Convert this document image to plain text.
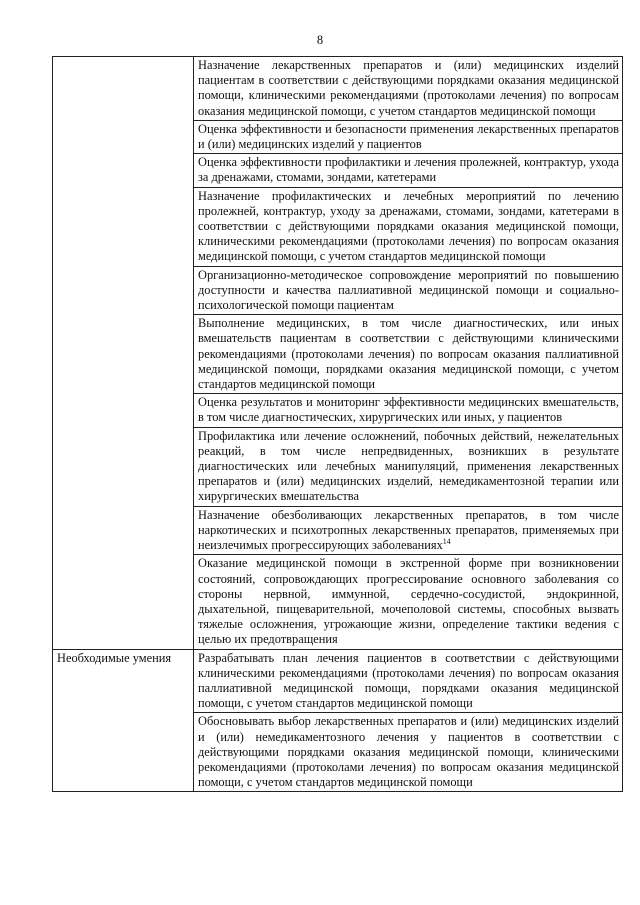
8
	Назначение лекарственных препаратов и (или) медицинских изделий пациентам в соответствии с действующими порядками оказания медицинской помощи, клиническими рекомендациями (протоколами лечения) по вопросам оказания медицинской помощи, с учетом стандартов медицинской помощи
	Оценка эффективности и безопасности применения лекарственных препаратов и (или) медицинских изделий у пациентов
	Оценка эффективности профилактики и лечения пролежней, контрактур, ухода за дренажами, стомами, зондами, катетерами
	Назначение профилактических и лечебных мероприятий по лечению пролежней, контрактур, уходу за дренажами, стомами, зондами, катетерами в соответствии с действующими порядками оказания медицинской помощи, клиническими рекомендациями (протоколами лечения) по вопросам оказания медицинской помощи, с учетом стандартов медицинской помощи
	Организационно-методическое сопровождение мероприятий по повышению доступности и качества паллиативной медицинской помощи и социально-психологической помощи пациентам
	Выполнение медицинских, в том числе диагностических, или иных вмешательств пациентам в соответствии с действующими клиническими рекомендациями (протоколами лечения) по вопросам оказания паллиативной медицинской помощи, порядками оказания медицинской помощи, с учетом стандартов медицинской помощи
	Оценка результатов и мониторинг эффективности медицинских вмешательств, в том числе диагностических, хирургических или иных, у пациентов
	Профилактика или лечение осложнений, побочных действий, нежелательных реакций, в том числе непредвиденных, возникших в результате диагностических или лечебных манипуляций, применения лекарственных препаратов и (или) медицинских изделий, немедикаментозной терапии или хирургических вмешательства
	Назначение обезболивающих лекарственных препаратов, в том числе наркотических и психотропных лекарственных препаратов, применяемых при неизлечимых прогрессирующих заболеваниях$^{14}$
	Оказание медицинской помощи в экстренной форме при возникновении состояний, сопровождающих прогрессирование основного заболевания со стороны нервной, иммунной, сердечно-сосудистой, эндокринной, дыхательной, пищеварительной, мочеполовой системы, способных вызвать тяжелые осложнения, угрожающие жизни, определение тактики ведения с целью их предотвращения
Необходимые умения	Разрабатывать план лечения пациентов в соответствии с действующими клиническими рекомендациями (протоколами лечения) по вопросам оказания паллиативной медицинской помощи, порядками оказания медицинской помощи, с учетом стандартов медицинской помощи
	Обосновывать выбор лекарственных препаратов и (или) медицинских изделий и (или) немедикаментозного лечения у пациентов в соответствии с действующими порядками оказания медицинской помощи, клиническими рекомендациями (протоколами лечения) по вопросам оказания медицинской помощи, с учетом стандартов медицинской помощи
